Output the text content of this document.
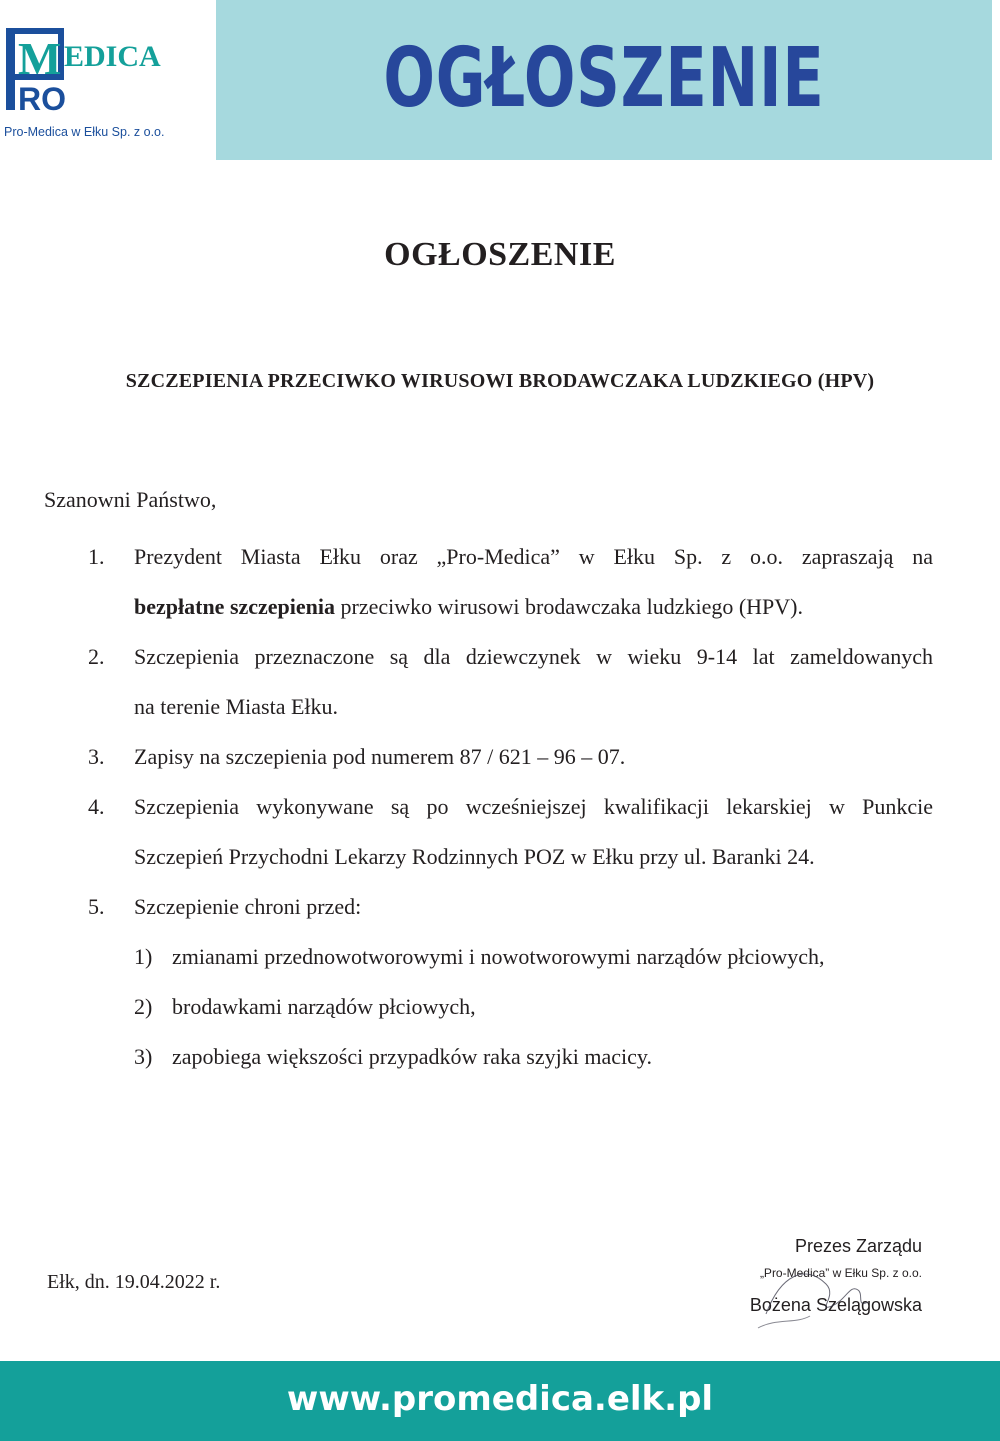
M EDICA
RO
Pro-Medica w Ełku Sp. z o.o.
OGŁOSZENIE
OGŁOSZENIE
SZCZEPIENIA PRZECIWKO WIRUSOWI BRODAWCZAKA LUDZKIEGO (HPV)
Szanowni Państwo,
1. Prezydent Miasta Ełku oraz „Pro-Medica” w Ełku Sp. z o.o. zapraszają na
bezpłatne szczepienia przeciwko wirusowi brodawczaka ludzkiego (HPV).
2. Szczepienia przeznaczone są dla dziewczynek w wieku 9-14 lat zameldowanych
na terenie Miasta Ełku.
3. Zapisy na szczepienia pod numerem 87 / 621 – 96 – 07.
4. Szczepienia wykonywane są po wcześniejszej kwalifikacji lekarskiej w Punkcie
Szczepień Przychodni Lekarzy Rodzinnych POZ w Ełku przy ul. Baranki 24.
5. Szczepienie chroni przed:
1) zmianami przednowotworowymi i nowotworowymi narządów płciowych,
2) brodawkami narządów płciowych,
3) zapobiega większości przypadków raka szyjki macicy.
Ełk, dn. 19.04.2022 r.
Prezes Zarządu
„Pro-Medica” w Ełku Sp. z o.o.
Bożena Szelągowska
www.promedica.elk.pl
